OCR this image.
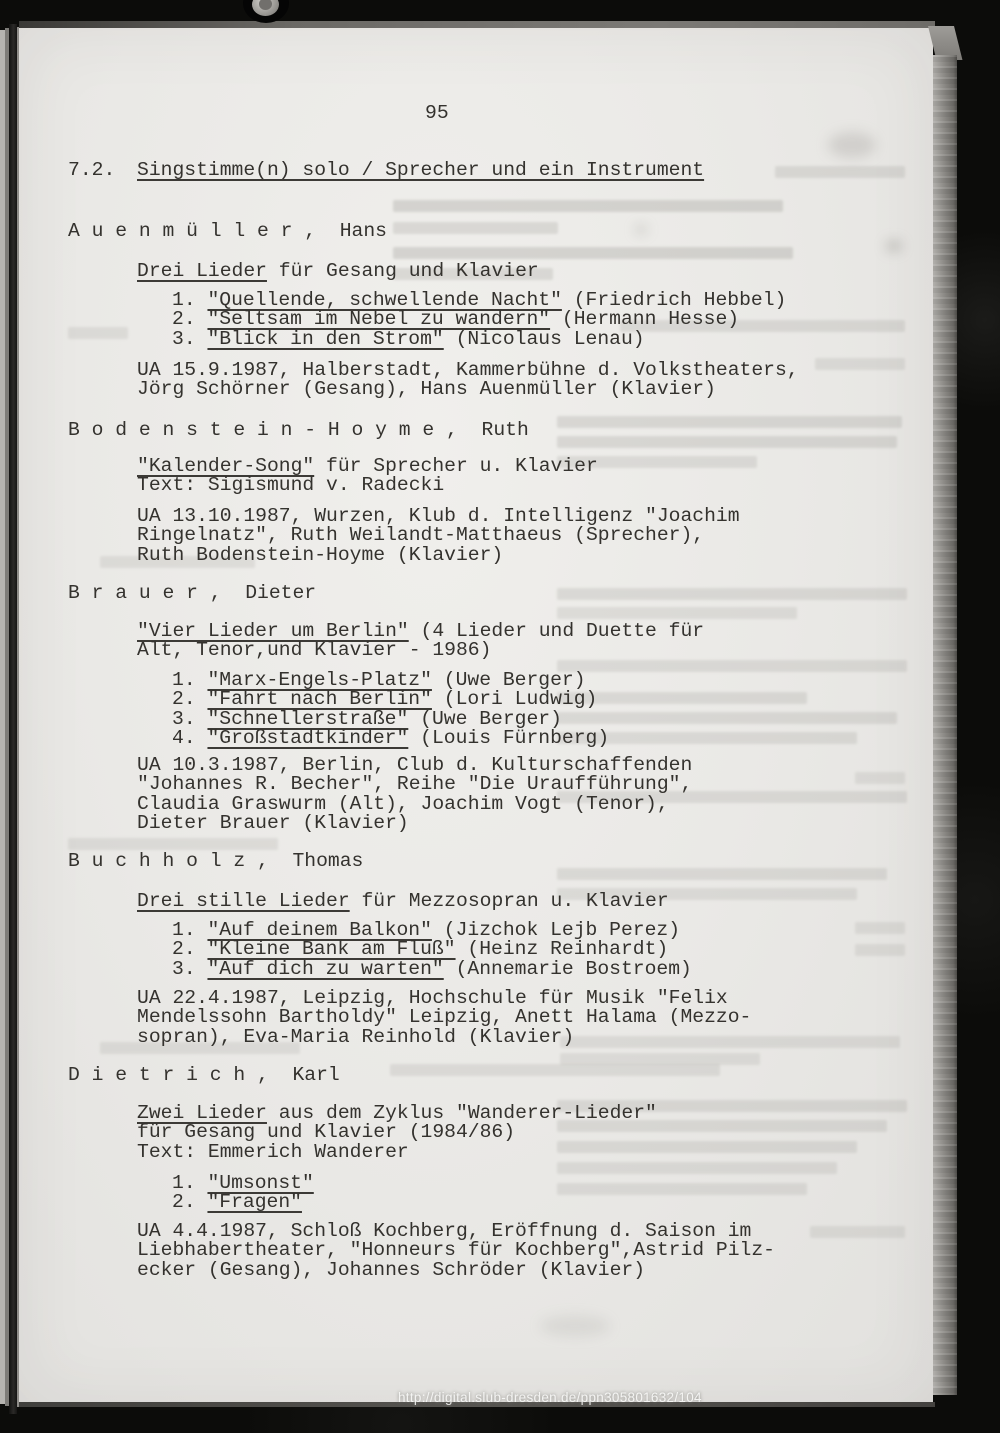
95
7.2. Singstimme(n) solo / Sprecher und ein Instrument
A u e n m ü l l e r ,  Hans
Drei Lieder für Gesang und Klavier
1. "Quellende, schwellende Nacht" (Friedrich Hebbel)
2. "Seltsam im Nebel zu wandern" (Hermann Hesse)
3. "Blick in den Strom" (Nicolaus Lenau)
UA 15.9.1987, Halberstadt, Kammerbühne d. Volkstheaters,
Jörg Schörner (Gesang), Hans Auenmüller (Klavier)
B o d e n s t e i n - H o y m e ,  Ruth
"Kalender-Song" für Sprecher u. Klavier
Text: Sigismund v. Radecki
UA 13.10.1987, Wurzen, Klub d. Intelligenz "Joachim
Ringelnatz", Ruth Weilandt-Matthaeus (Sprecher),
Ruth Bodenstein-Hoyme (Klavier)
B r a u e r ,  Dieter
"Vier Lieder um Berlin" (4 Lieder und Duette für
Alt, Tenor,und Klavier - 1986)
1. "Marx-Engels-Platz" (Uwe Berger)
2. "Fahrt nach Berlin" (Lori Ludwig)
3. "Schnellerstraße" (Uwe Berger)
4. "Großstadtkinder" (Louis Fürnberg)
UA 10.3.1987, Berlin, Club d. Kulturschaffenden
"Johannes R. Becher", Reihe "Die Uraufführung",
Claudia Graswurm (Alt), Joachim Vogt (Tenor),
Dieter Brauer (Klavier)
B u c h h o l z ,  Thomas
Drei stille Lieder für Mezzosopran u. Klavier
1. "Auf deinem Balkon" (Jizchok Lejb Perez)
2. "Kleine Bank am Fluß" (Heinz Reinhardt)
3. "Auf dich zu warten" (Annemarie Bostroem)
UA 22.4.1987, Leipzig, Hochschule für Musik "Felix
Mendelssohn Bartholdy" Leipzig, Anett Halama (Mezzo-
sopran), Eva-Maria Reinhold (Klavier)
D i e t r i c h ,  Karl
Zwei Lieder aus dem Zyklus "Wanderer-Lieder"
für Gesang und Klavier (1984/86)
Text: Emmerich Wanderer
1. "Umsonst"
2. "Fragen"
UA 4.4.1987, Schloß Kochberg, Eröffnung d. Saison im
Liebhabertheater, "Honneurs für Kochberg",Astrid Pilz-
ecker (Gesang), Johannes Schröder (Klavier)
http://digital.slub-dresden.de/ppn305801632/104
